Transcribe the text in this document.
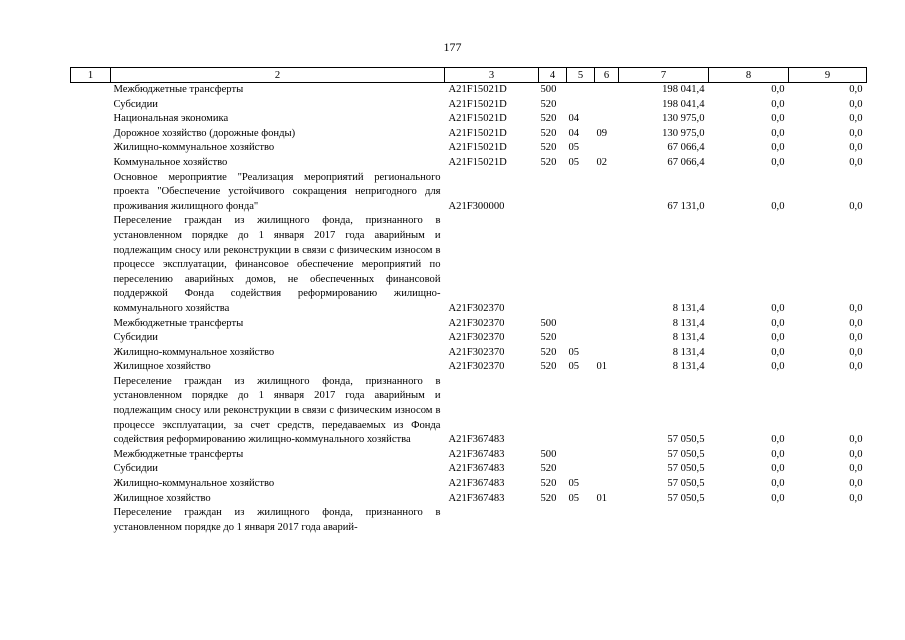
177
1	2	3	4	5	6	7	8	9
	Межбюджетные трансферты	A21F15021D	500			198 041,4	0,0	0,0
	Субсидии	A21F15021D	520			198 041,4	0,0	0,0
	Национальная экономика	A21F15021D	520	04		130 975,0	0,0	0,0
	Дорожное хозяйство (дорожные фонды)	A21F15021D	520	04	09	130 975,0	0,0	0,0
	Жилищно-коммунальное хозяйство	A21F15021D	520	05		67 066,4	0,0	0,0
	Коммунальное хозяйство	A21F15021D	520	05	02	67 066,4	0,0	0,0
	Основное мероприятие "Реализация мероприятий регионального проекта "Обеспечение устойчивого сокращения непригодного для проживания жилищного фонда"	A21F300000				67 131,0	0,0	0,0
	Переселение граждан из жилищного фонда, признанного в установленном порядке до 1 января 2017 года аварийным и подлежащим сносу или реконструкции в связи с физическим износом в процессе эксплуатации, финансовое обеспечение мероприятий по переселению аварийных домов, не обеспеченных финансовой поддержкой Фонда содействия реформированию жилищно-коммунального хозяйства	A21F302370				8 131,4	0,0	0,0
	Межбюджетные трансферты	A21F302370	500			8 131,4	0,0	0,0
	Субсидии	A21F302370	520			8 131,4	0,0	0,0
	Жилищно-коммунальное хозяйство	A21F302370	520	05		8 131,4	0,0	0,0
	Жилищное хозяйство	A21F302370	520	05	01	8 131,4	0,0	0,0
	Переселение граждан из жилищного фонда, признанного в установленном порядке до 1 января 2017 года аварийным и подлежащим сносу или реконструкции в связи с физическим износом в процессе эксплуатации, за счет средств, передаваемых из Фонда содействия реформированию жилищно-коммунального хозяйства	A21F367483				57 050,5	0,0	0,0
	Межбюджетные трансферты	A21F367483	500			57 050,5	0,0	0,0
	Субсидии	A21F367483	520			57 050,5	0,0	0,0
	Жилищно-коммунальное хозяйство	A21F367483	520	05		57 050,5	0,0	0,0
	Жилищное хозяйство	A21F367483	520	05	01	57 050,5	0,0	0,0
	Переселение граждан из жилищного фонда, признанного в установленном порядке до 1 января 2017 года аварий-							
